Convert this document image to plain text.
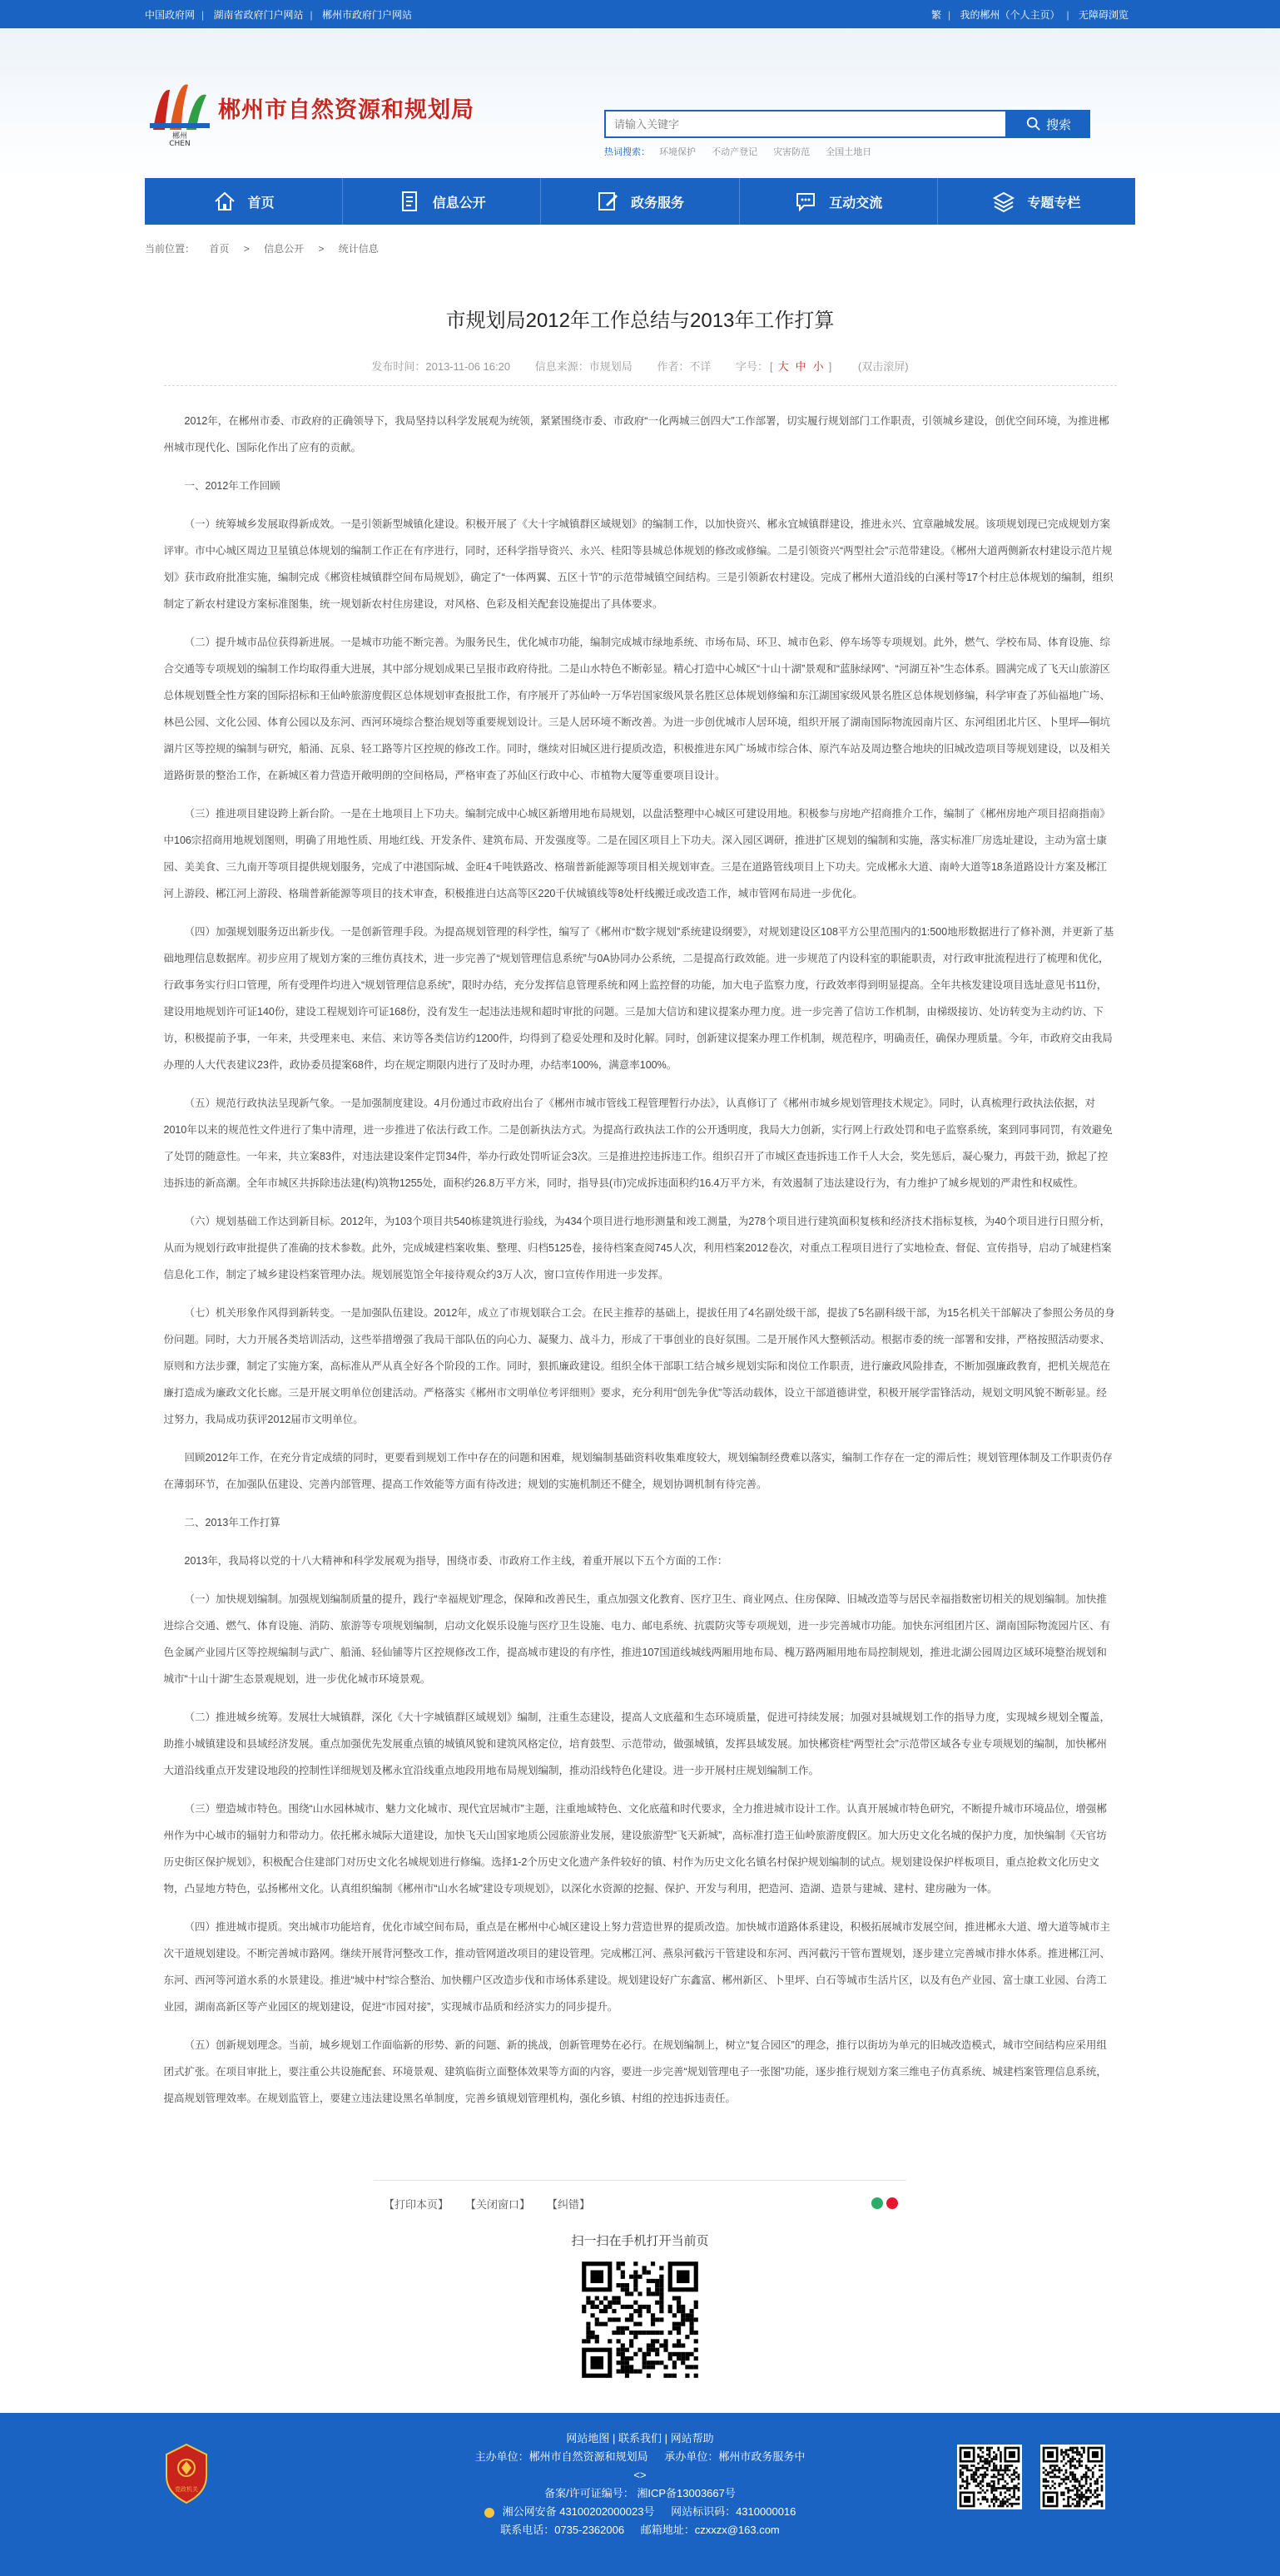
中国政府网 | 湖南省政府门户网站 | 郴州市政府门户网站	繁 | 我的郴州（个人主页） | 无障碍浏览
郴州
CHEN
郴州市自然资源和规划局
请输入关键字
搜索
热词搜索： 环境保护 不动产登记 灾害防范 全国土地日
首页	信息公开	政务服务	互动交流	专题专栏
当前位置： 首页 > 信息公开 > 统计信息
市规划局2012年工作总结与2013年工作打算
发布时间：2013-11-06 16:20 信息来源：市规划局 作者：不详 字号： [ 大 中 小 ] (双击滚屏)

2012年，在郴州市委、市政府的正确领导下，我局坚持以科学发展观为统领，紧紧围绕市委、市政府“一化两城三创四大”工作部署，切实履行规划部门工作职责，引领城乡建设，创优空间环境，为推进郴州城市现代化、国际化作出了应有的贡献。

一、2012年工作回顾

（一）统筹城乡发展取得新成效。一是引领新型城镇化建设。积极开展了《大十字城镇群区域规划》的编制工作，以加快资兴、郴永宜城镇群建设，推进永兴、宜章融城发展。该项规划现已完成规划方案评审。市中心城区周边卫星镇总体规划的编制工作正在有序进行，同时，还科学指导资兴、永兴、桂阳等县城总体规划的修改或修编。二是引领资兴“两型社会”示范带建设。《郴州大道两侧新农村建设示范片规划》获市政府批准实施，编制完成《郴资桂城镇群空间布局规划》，确定了“一体两翼、五区十节”的示范带城镇空间结构。三是引领新农村建设。完成了郴州大道沿线的白溪村等17个村庄总体规划的编制，组织制定了新农村建设方案标准图集，统一规划新农村住房建设，对风格、色彩及相关配套设施提出了具体要求。

（二）提升城市品位获得新进展。一是城市功能不断完善。为服务民生，优化城市功能，编制完成城市绿地系统、市场布局、环卫、城市色彩、停车场等专项规划。此外，燃气、学校布局、体育设施、综合交通等专项规划的编制工作均取得重大进展，其中部分规划成果已呈报市政府待批。二是山水特色不断彰显。精心打造中心城区“十山十湖”景观和“蓝脉绿网”、“河湖互补”生态体系。圆满完成了飞天山旅游区总体规划暨全性方案的国际招标和王仙岭旅游度假区总体规划审查报批工作，有序展开了苏仙岭一万华岩国家级风景名胜区总体规划修编和东江湖国家级风景名胜区总体规划修编，科学审查了苏仙福地广场、林邑公园、文化公园、体育公园以及东河、西河环境综合整治规划等重要规划设计。三是人居环境不断改善。为进一步创优城市人居环境，组织开展了湖南国际物流园南片区、东河组团北片区、卜里坪—铜坑湖片区等控规的编制与研究，船涌、瓦泉、轻工路等片区控规的修改工作。同时，继续对旧城区进行提质改造，积极推进东风广场城市综合体、原汽车站及周边整合地块的旧城改造项目等规划建设，以及相关道路街景的整治工作，在新城区着力营造开敞明朗的空间格局，严格审查了苏仙区行政中心、市植物大厦等重要项目设计。

（三）推进项目建设跨上新台阶。一是在土地项目上下功夫。编制完成中心城区新增用地布局规划，以盘活整理中心城区可建设用地。积极参与房地产招商推介工作，编制了《郴州房地产项目招商指南》中106宗招商用地规划图则，明确了用地性质、用地红线、开发条件、建筑布局、开发强度等。二是在园区项目上下功夫。深入园区调研，推进扩区规划的编制和实施，落实标准厂房选址建设，主动为富士康园、美美食、三九南开等项目提供规划服务，完成了中港国际城、金旺4千吨铁路改、格瑞普新能源等项目相关规划审查。三是在道路管线项目上下功夫。完成郴永大道、南岭大道等18条道路设计方案及郴江河上游段、郴江河上游段、格瑞普新能源等项目的技术审查，积极推进白达高等区220千伏城镇线等8处杆线搬迁或改造工作，城市管网布局进一步优化。

（四）加强规划服务迈出新步伐。一是创新管理手段。为提高规划管理的科学性，编写了《郴州市“数字规划”系统建设纲要》，对规划建设区108平方公里范围内的1:500地形数据进行了修补测，并更新了基础地理信息数据库。初步应用了规划方案的三维仿真技术，进一步完善了“规划管理信息系统”与0A协同办公系统，二是提高行政效能。进一步规范了内设科室的职能职责，对行政审批流程进行了梳理和优化，行政事务实行归口管理，所有受理件均进入“规划管理信息系统”，限时办结，充分发挥信息管理系统和网上监控督的功能，加大电子监察力度，行政效率得到明显提高。全年共核发建设项目选址意见书11份，建设用地规划许可证140份，建设工程规划许可证168份，没有发生一起违法违规和超时审批的问题。三是加大信访和建议提案办理力度。进一步完善了信访工作机制，由梯级接访、处访转变为主动约访、下访，积极提前予事，一年来，共受理来电、来信、来访等各类信访约1200件，均得到了稳妥处理和及时化解。同时，创新建议提案办理工作机制，规范程序，明确责任，确保办理质量。今年，市政府交由我局办理的人大代表建议23件，政协委员提案68件，均在规定期限内进行了及时办理，办结率100%，满意率100%。

（五）规范行政执法呈现新气象。一是加强制度建设。4月份通过市政府出台了《郴州市城市管线工程管理暂行办法》，认真修订了《郴州市城乡规划管理技术规定》。同时，认真梳理行政执法依据，对2010年以来的规范性文件进行了集中清理，进一步推进了依法行政工作。二是创新执法方式。为提高行政执法工作的公开透明度，我局大力创新，实行网上行政处罚和电子监察系统，案到同事同罚，有效避免了处罚的随意性。一年来，共立案83件，对违法建设案件定罚34件，举办行政处罚听证会3次。三是推进控违拆违工作。组织召开了市城区查违拆违工作千人大会，奖先惩后，凝心聚力，再鼓干劲，掀起了控违拆违的新高潮。全年市城区共拆除违法建(构)筑物1255处，面积约26.8万平方米，同时，指导县(市)完成拆违面积约16.4万平方米，有效遏制了违法建设行为，有力维护了城乡规划的严肃性和权威性。

（六）规划基础工作达到新目标。2012年，为103个项目共540栋建筑进行验线，为434个项目进行地形测量和竣工测量，为278个项目进行建筑面积复核和经济技术指标复核，为40个项目进行日照分析，从而为规划行政审批提供了准确的技术参数。此外，完成城建档案收集、整理、归档5125卷，接待档案查阅745人次，利用档案2012卷次，对重点工程项目进行了实地检查、督促、宣传指导，启动了城建档案信息化工作，制定了城乡建设档案管理办法。规划展览馆全年接待观众约3万人次，窗口宣传作用进一步发挥。

（七）机关形象作风得到新转变。一是加强队伍建设。2012年，成立了市规划联合工会。在民主推荐的基础上，提拔任用了4名副处级干部，提拔了5名副科级干部，为15名机关干部解决了参照公务员的身份问题。同时，大力开展各类培训活动，这些举措增强了我局干部队伍的向心力、凝聚力、战斗力，形成了干事创业的良好氛围。二是开展作风大整顿活动。根据市委的统一部署和安排，严格按照活动要求、原则和方法步骤，制定了实施方案，高标准从严从真全好各个阶段的工作。同时，狠抓廉政建设。组织全体干部职工结合城乡规划实际和岗位工作职责，进行廉政风险排查，不断加强廉政教育，把机关规范在廉打造成为廉政文化长廊。三是开展文明单位创建活动。严格落实《郴州市文明单位考评细则》要求，充分利用“创先争优”等活动载体，设立干部道德讲堂，积极开展学雷锋活动，规划文明风貌不断彰显。经过努力，我局成功获评2012届市文明单位。

回顾2012年工作，在充分肯定成绩的同时，更要看到规划工作中存在的问题和困难，规划编制基础资料收集难度较大，规划编制经费难以落实，编制工作存在一定的滞后性；规划管理体制及工作职责仍存在薄弱环节，在加强队伍建设、完善内部管理、提高工作效能等方面有待改进；规划的实施机制还不健全，规划协调机制有待完善。

二、2013年工作打算

2013年，我局将以党的十八大精神和科学发展观为指导，围绕市委、市政府工作主线，着重开展以下五个方面的工作：

（一）加快规划编制。加强规划编制质量的提升，践行“幸福规划”理念，保障和改善民生，重点加强文化教育、医疗卫生、商业网点、住房保障、旧城改造等与居民幸福指数密切相关的规划编制。加快推进综合交通、燃气、体育设施、消防、旅游等专项规划编制，启动文化娱乐设施与医疗卫生设施、电力、邮电系统、抗震防灾等专项规划，进一步完善城市功能。加快东河组团片区、湖南国际物流园片区、有色金属产业园片区等控规编制与武广、船涌、轻仙铺等片区控规修改工作，提高城市建设的有序性，推进107国道线城线两厢用地布局、槐万路两厢用地布局控制规划，推进北湖公园周边区域环境整治规划和城市“十山十湖”生态景观规划，进一步优化城市环境景观。

（二）推进城乡统筹。发展壮大城镇群，深化《大十字城镇群区域规划》编制，注重生态建设，提高人文底蕴和生态环境质量，促进可持续发展；加强对县城规划工作的指导力度，实现城乡规划全覆盖，助推小城镇建设和县域经济发展。重点加强优先发展重点镇的城镇风貌和建筑风格定位，培育鼓型、示范带动，做强城镇，发挥县域发展。加快郴资桂“两型社会”示范带区域各专业专项规划的编制，加快郴州大道沿线重点开发建设地段的控制性详细规划及郴永宜沿线重点地段用地布局规划编制，推动沿线特色化建设。进一步开展村庄规划编制工作。

（三）塑造城市特色。围绕“山水园林城市、魅力文化城市、现代宜居城市”主题，注重地域特色、文化底蕴和时代要求，全力推进城市设计工作。认真开展城市特色研究，不断提升城市环境品位，增强郴州作为中心城市的辐射力和带动力。依托郴永城际大道建设，加快飞天山国家地质公园旅游业发展，建设旅游型“飞天新城”，高标准打造王仙岭旅游度假区。加大历史文化名城的保护力度，加快编制《天官坊历史街区保护规划》，积极配合住建部门对历史文化名城规划进行修编。选择1-2个历史文化遗产条件较好的镇、村作为历史文化名镇名村保护规划编制的试点。规划建设保护样板项目，重点抢救文化历史文物，凸显地方特色，弘扬郴州文化。认真组织编制《郴州市“山水名城”建设专项规划》，以深化水资源的挖掘、保护、开发与利用，把造河、造湖、造景与建城、建村、建房融为一体。

（四）推进城市提质。突出城市功能培育，优化市域空间布局，重点是在郴州中心城区建设上努力营造世界的提质改造。加快城市道路体系建设，积极拓展城市发展空间，推进郴永大道、增大道等城市主次干道规划建设。不断完善城市路网。继续开展背河整改工作，推动管网道改项目的建设管理。完成郴江河、燕泉河截污干管建设和东河、西河截污干管布置规划，逐步建立完善城市排水体系。推进郴江河、东河、西河等河道水系的水景建设。推进“城中村”综合整治、加快棚户区改造步伐和市场体系建设。规划建设好广东鑫富、郴州新区、卜里坪、白石等城市生活片区，以及有色产业园、富士康工业园、台湾工业园，湖南高新区等产业园区的规划建设，促进“市园对接”，实现城市品质和经济实力的同步提升。

（五）创新规划理念。当前，城乡规划工作面临新的形势、新的问题、新的挑战，创新管理势在必行。在规划编制上，树立“复合园区”的理念，推行以街坊为单元的旧城改造模式，城市空间结构应采用组团式扩张。在项目审批上，要注重公共设施配套、环境景观、建筑临街立面整体效果等方面的内容，要进一步完善“规划管理电子一张图”功能，逐步推行规划方案三维电子仿真系统、城建档案管理信息系统，提高规划管理效率。在规划监管上，要建立违法建设黑名单制度，完善乡镇规划管理机构，强化乡镇、村组的控违拆违责任。

【打印本页】 【关闭窗口】 【纠错】
扫一扫在手机打开当前页
党政机关
网站地图 | 联系我们 | 网站帮助
主办单位：郴州市自然资源和规划局 承办单位：郴州市政务服务中
<>
备案/许可证编号： 湘ICP备13003667号
湘公网安备 43100202000023号 网站标识码：4310000016
联系电话：0735-2362006 邮箱地址：czxxzx@163.com
